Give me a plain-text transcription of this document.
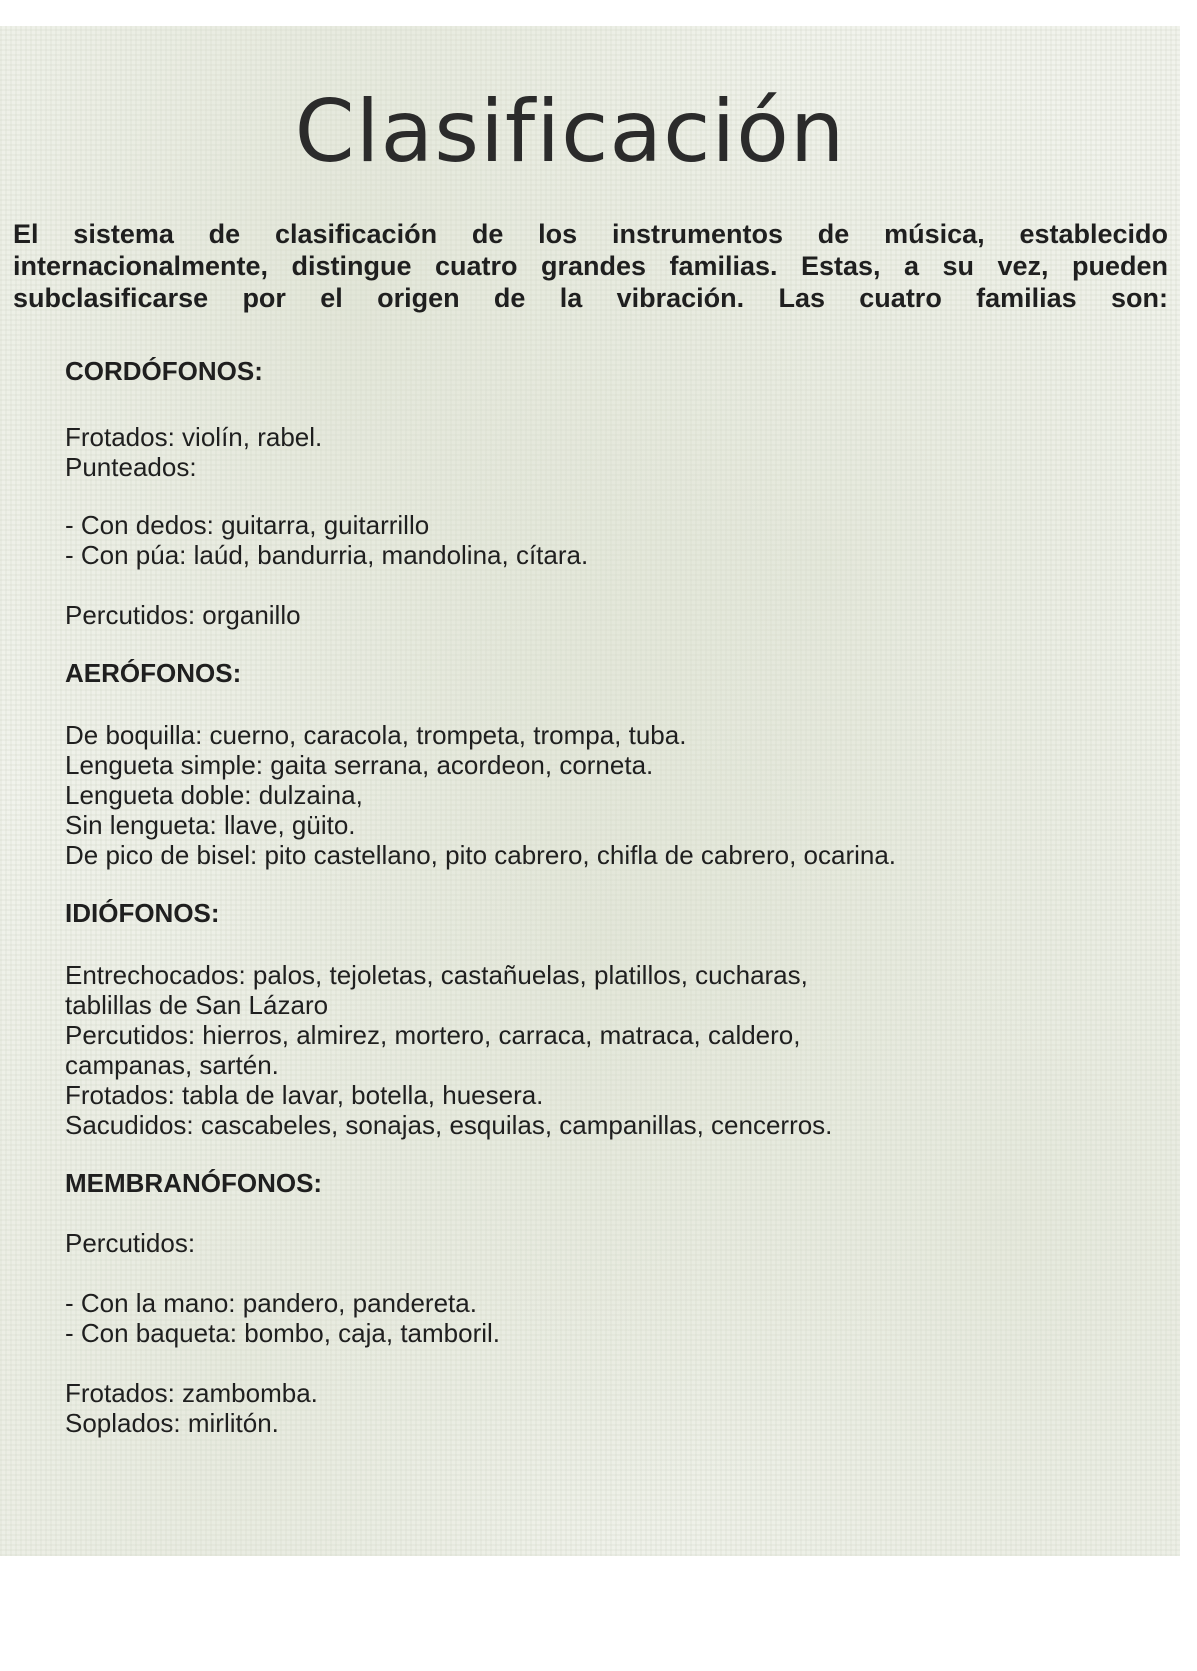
Clasificación
El sistema de clasificación de los instrumentos de música, establecido
internacionalmente, distingue cuatro grandes familias. Estas, a su vez, pueden
subclasificarse por el origen de la vibración. Las cuatro familias son:

CORDÓFONOS:

Frotados: violín, rabel.

Punteados:

- Con dedos: guitarra, guitarrillo

- Con púa: laúd, bandurria, mandolina, cítara.

Percutidos: organillo

AERÓFONOS:

De boquilla: cuerno, caracola, trompeta, trompa, tuba.

Lengueta simple: gaita serrana, acordeon, corneta.

Lengueta doble: dulzaina,

Sin lengueta: llave, güito.

De pico de bisel: pito castellano, pito cabrero, chifla de cabrero, ocarina.

IDIÓFONOS:

Entrechocados: palos, tejoletas, castañuelas, platillos, cucharas,

tablillas de San Lázaro

Percutidos: hierros, almirez, mortero, carraca, matraca, caldero,

campanas, sartén.

Frotados: tabla de lavar, botella, huesera.

Sacudidos: cascabeles, sonajas, esquilas, campanillas, cencerros.

MEMBRANÓFONOS:

Percutidos:

- Con la mano: pandero, pandereta.

- Con baqueta: bombo, caja, tamboril.

Frotados: zambomba.

Soplados: mirlitón.
